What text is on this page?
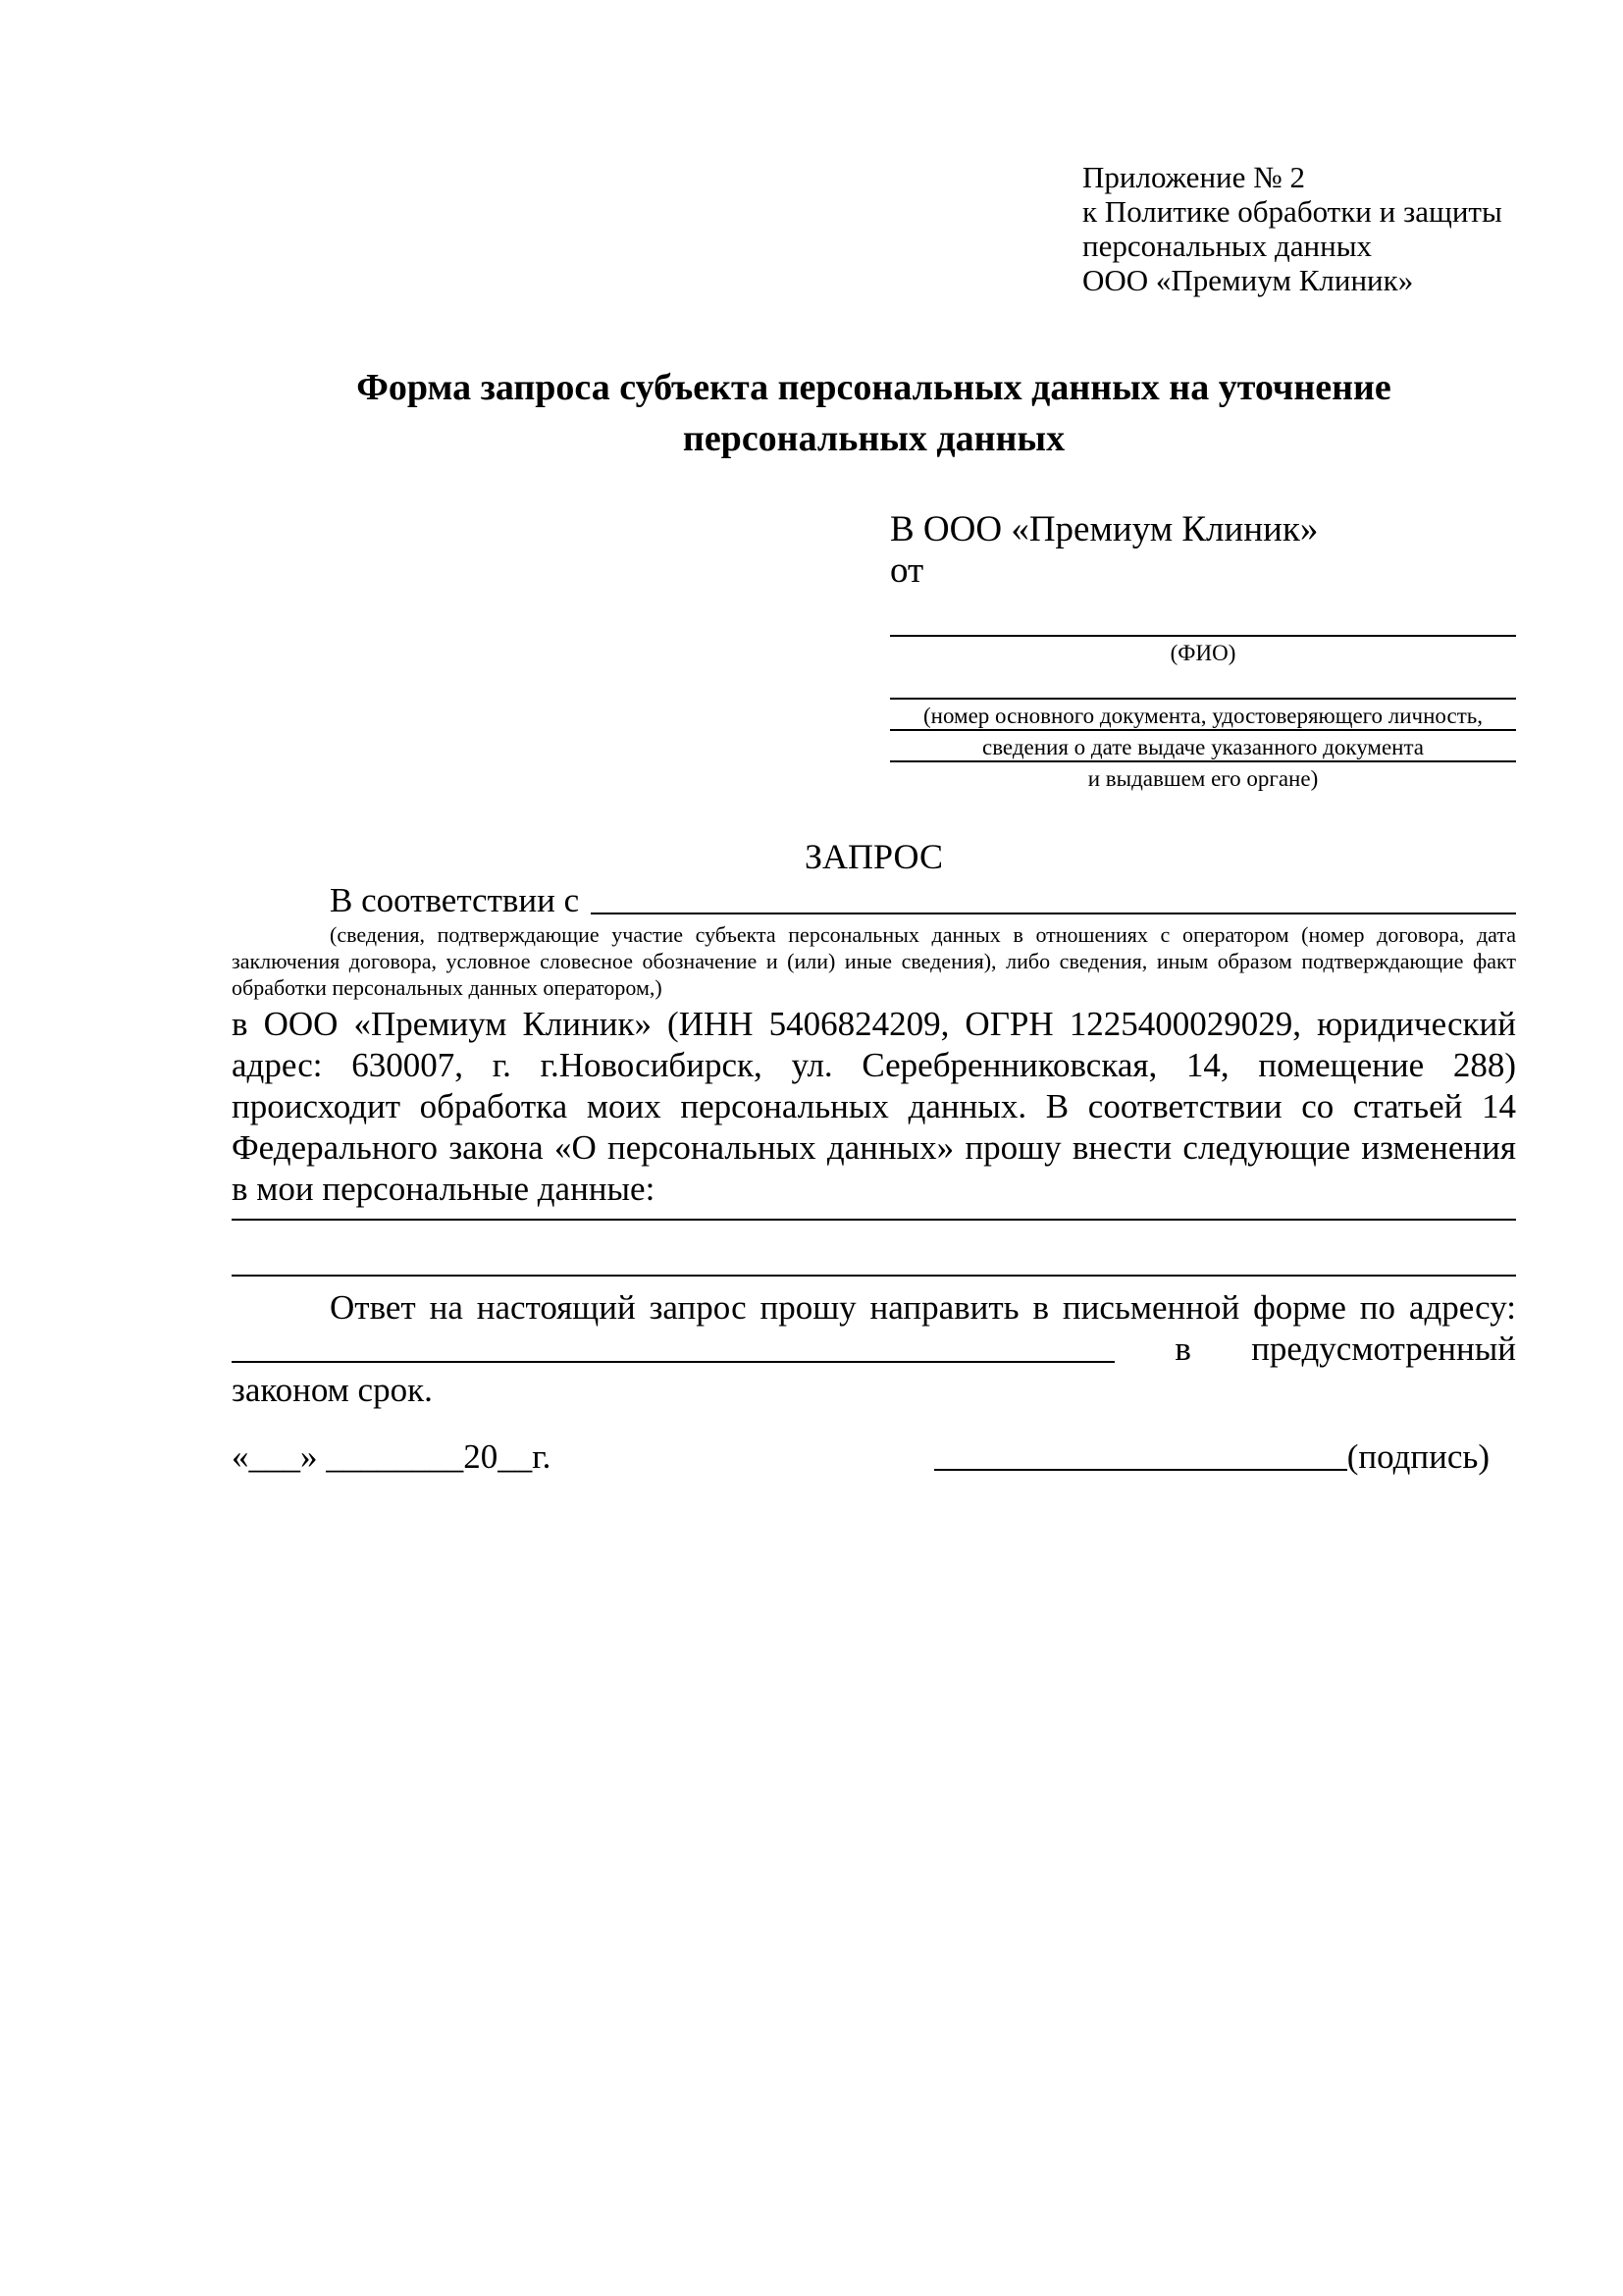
Приложение № 2
к Политике обработки и защиты
персональных данных
ООО «Премиум Клиник»
Форма запроса субъекта персональных данных на уточнение персональных данных
В ООО «Премиум Клиник»
от
(ФИО)
(номер основного документа, удостоверяющего личность,
сведения о дате выдаче указанного документа
и выдавшем его органе)
ЗАПРОС
В соответствии с

(сведения, подтверждающие участие субъекта персональных данных в отношениях с оператором (номер договора, дата заключения договора, условное словесное обозначение и (или) иные сведения), либо сведения, иным образом подтверждающие факт обработки персональных данных оператором,)

в ООО «Премиум Клиник» (ИНН 5406824209, ОГРН 1225400029029, юридический адрес: 630007, г. г.Новосибирск, ул. Серебренниковская, 14, помещение 288) происходит обработка моих персональных данных. В соответствии со статьей 14 Федерального закона «О персональных данных» прошу внести следующие изменения в мои персональные данные:

Ответ на настоящий запрос прошу направить в письменной форме по адресу:
в предусмотренный
законом срок.
«___» ________20__г.	(подпись)
